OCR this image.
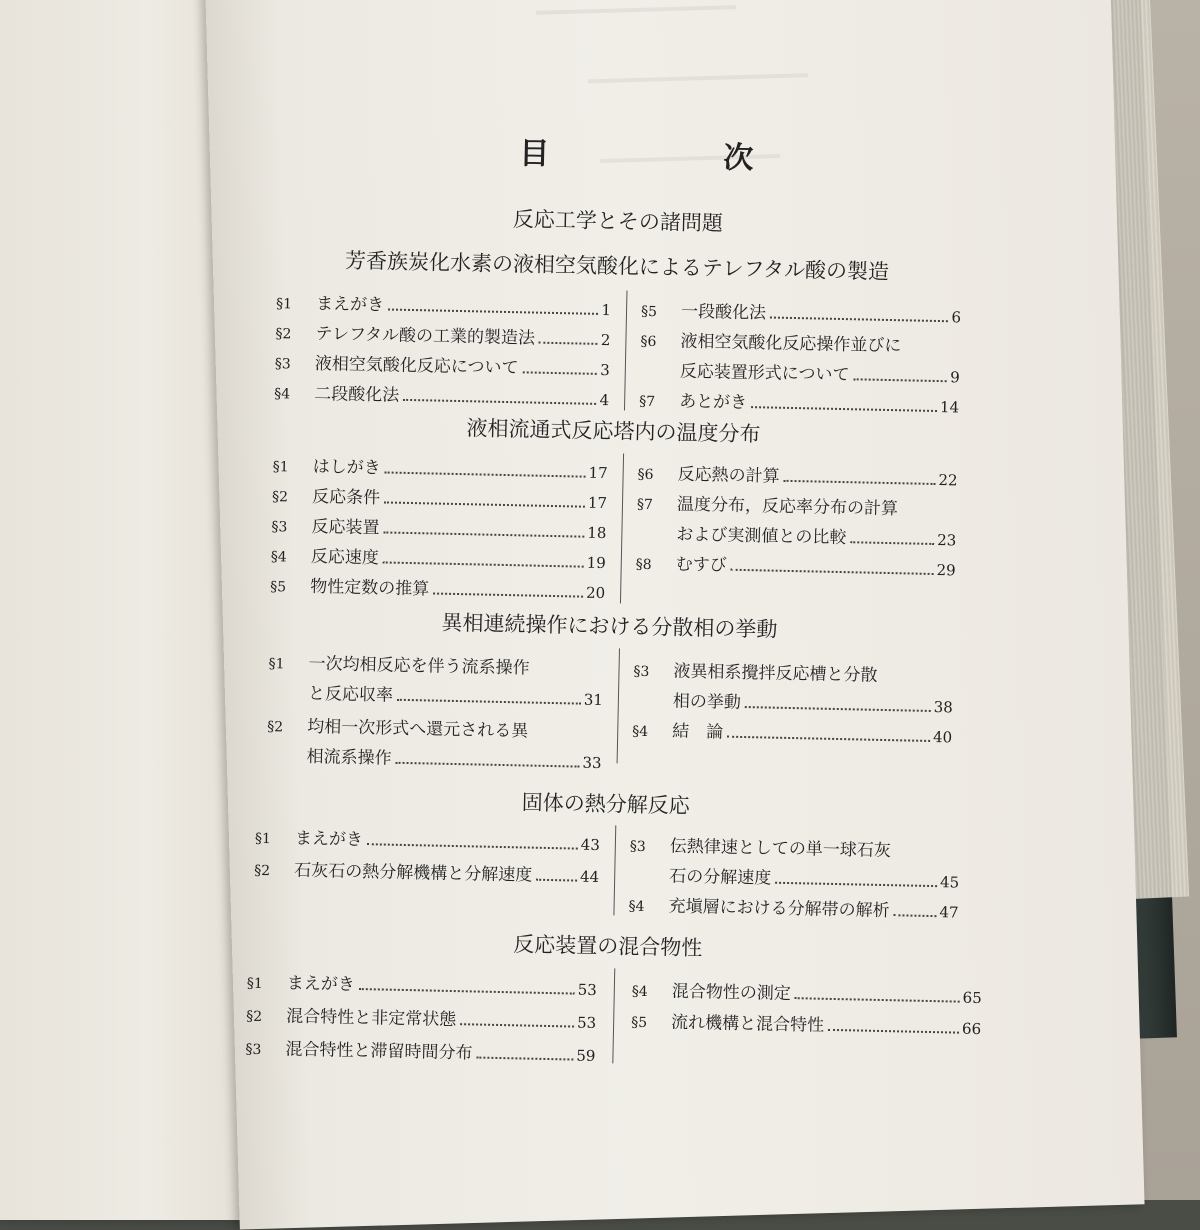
目　次
反応工学とその諸問題
芳香族炭化水素の液相空気酸化によるテレフタル酸の製造
§1	まえがき	1
§2	テレフタル酸の工業的製造法	2
§3	液相空気酸化反応について	3
§4	二段酸化法	4
§5	一段酸化法	6
§6	液相空気酸化反応操作並びに
反応装置形式について	9
§7	あとがき	14
液相流通式反応塔内の温度分布
§1	はしがき	17
§2	反応条件	17
§3	反応装置	18
§4	反応速度	19
§5	物性定数の推算	20
§6	反応熱の計算	22
§7	温度分布，反応率分布の計算
および実測値との比較	23
§8	むすび	29
異相連続操作における分散相の挙動
§1	一次均相反応を伴う流系操作
と反応収率	31
§2	均相一次形式へ還元される異
相流系操作	33
§3	液異相系攪拌反応槽と分散
相の挙動	38
§4	結　論	40
固体の熱分解反応
§1	まえがき	43
§2	石灰石の熱分解機構と分解速度	44
§3	伝熱律速としての単一球石灰
石の分解速度	45
§4	充塡層における分解帯の解析	47
反応装置の混合物性
§1	まえがき	53
§2	混合特性と非定常状態	53
§3	混合特性と滞留時間分布	59
§4	混合物性の測定	65
§5	流れ機構と混合特性	66
